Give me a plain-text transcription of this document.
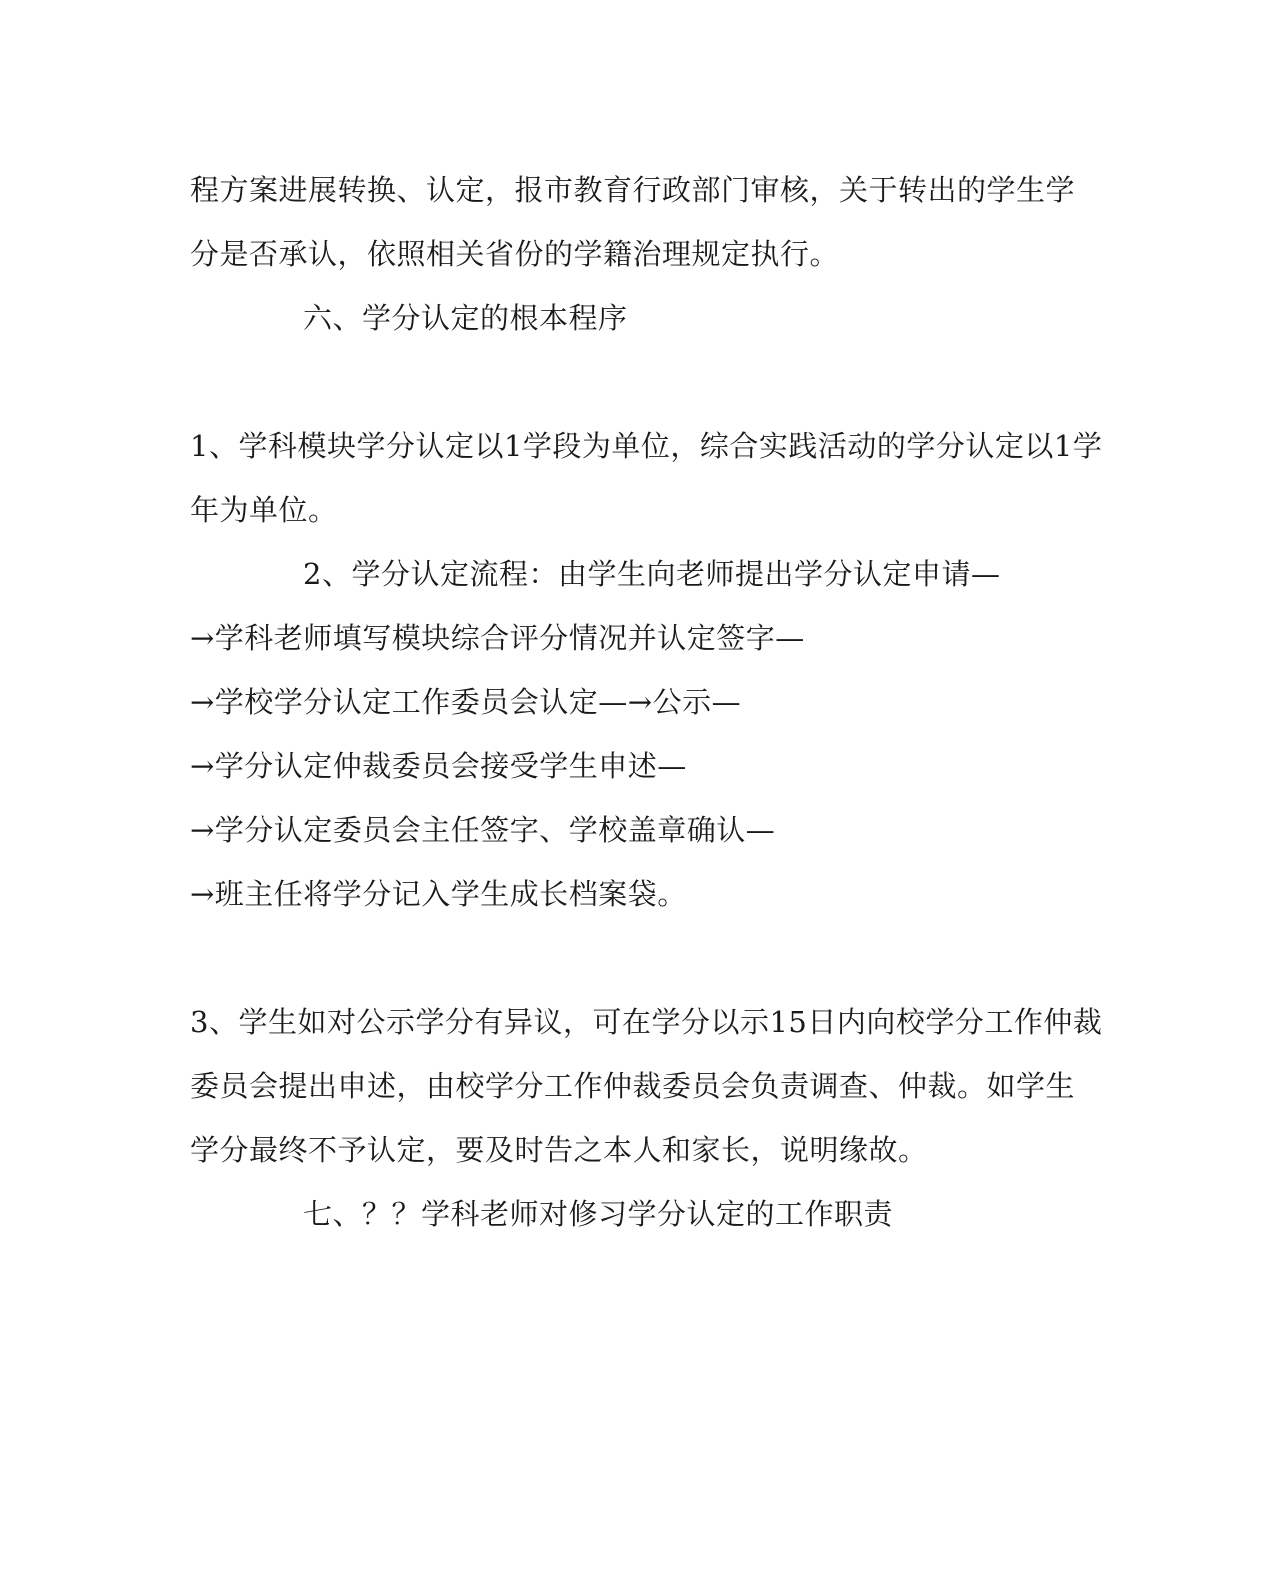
程方案进展转换、认定，报市教育行政部门审核，关于转出的学生学
分是否承认，依照相关省份的学籍治理规定执行。
六、学分认定的根本程序
1、学科模块学分认定以1学段为单位，综合实践活动的学分认定以1学
年为单位。
2、学分认定流程：由学生向老师提出学分认定申请—
→学科老师填写模块综合评分情况并认定签字—
→学校学分认定工作委员会认定—→公示—
→学分认定仲裁委员会接受学生申述—
→学分认定委员会主任签字、学校盖章确认—
→班主任将学分记入学生成长档案袋。
3、学生如对公示学分有异议，可在学分以示15日内向校学分工作仲裁
委员会提出申述，由校学分工作仲裁委员会负责调查、仲裁。如学生
学分最终不予认定，要及时告之本人和家长，说明缘故。
七、？？学科老师对修习学分认定的工作职责
